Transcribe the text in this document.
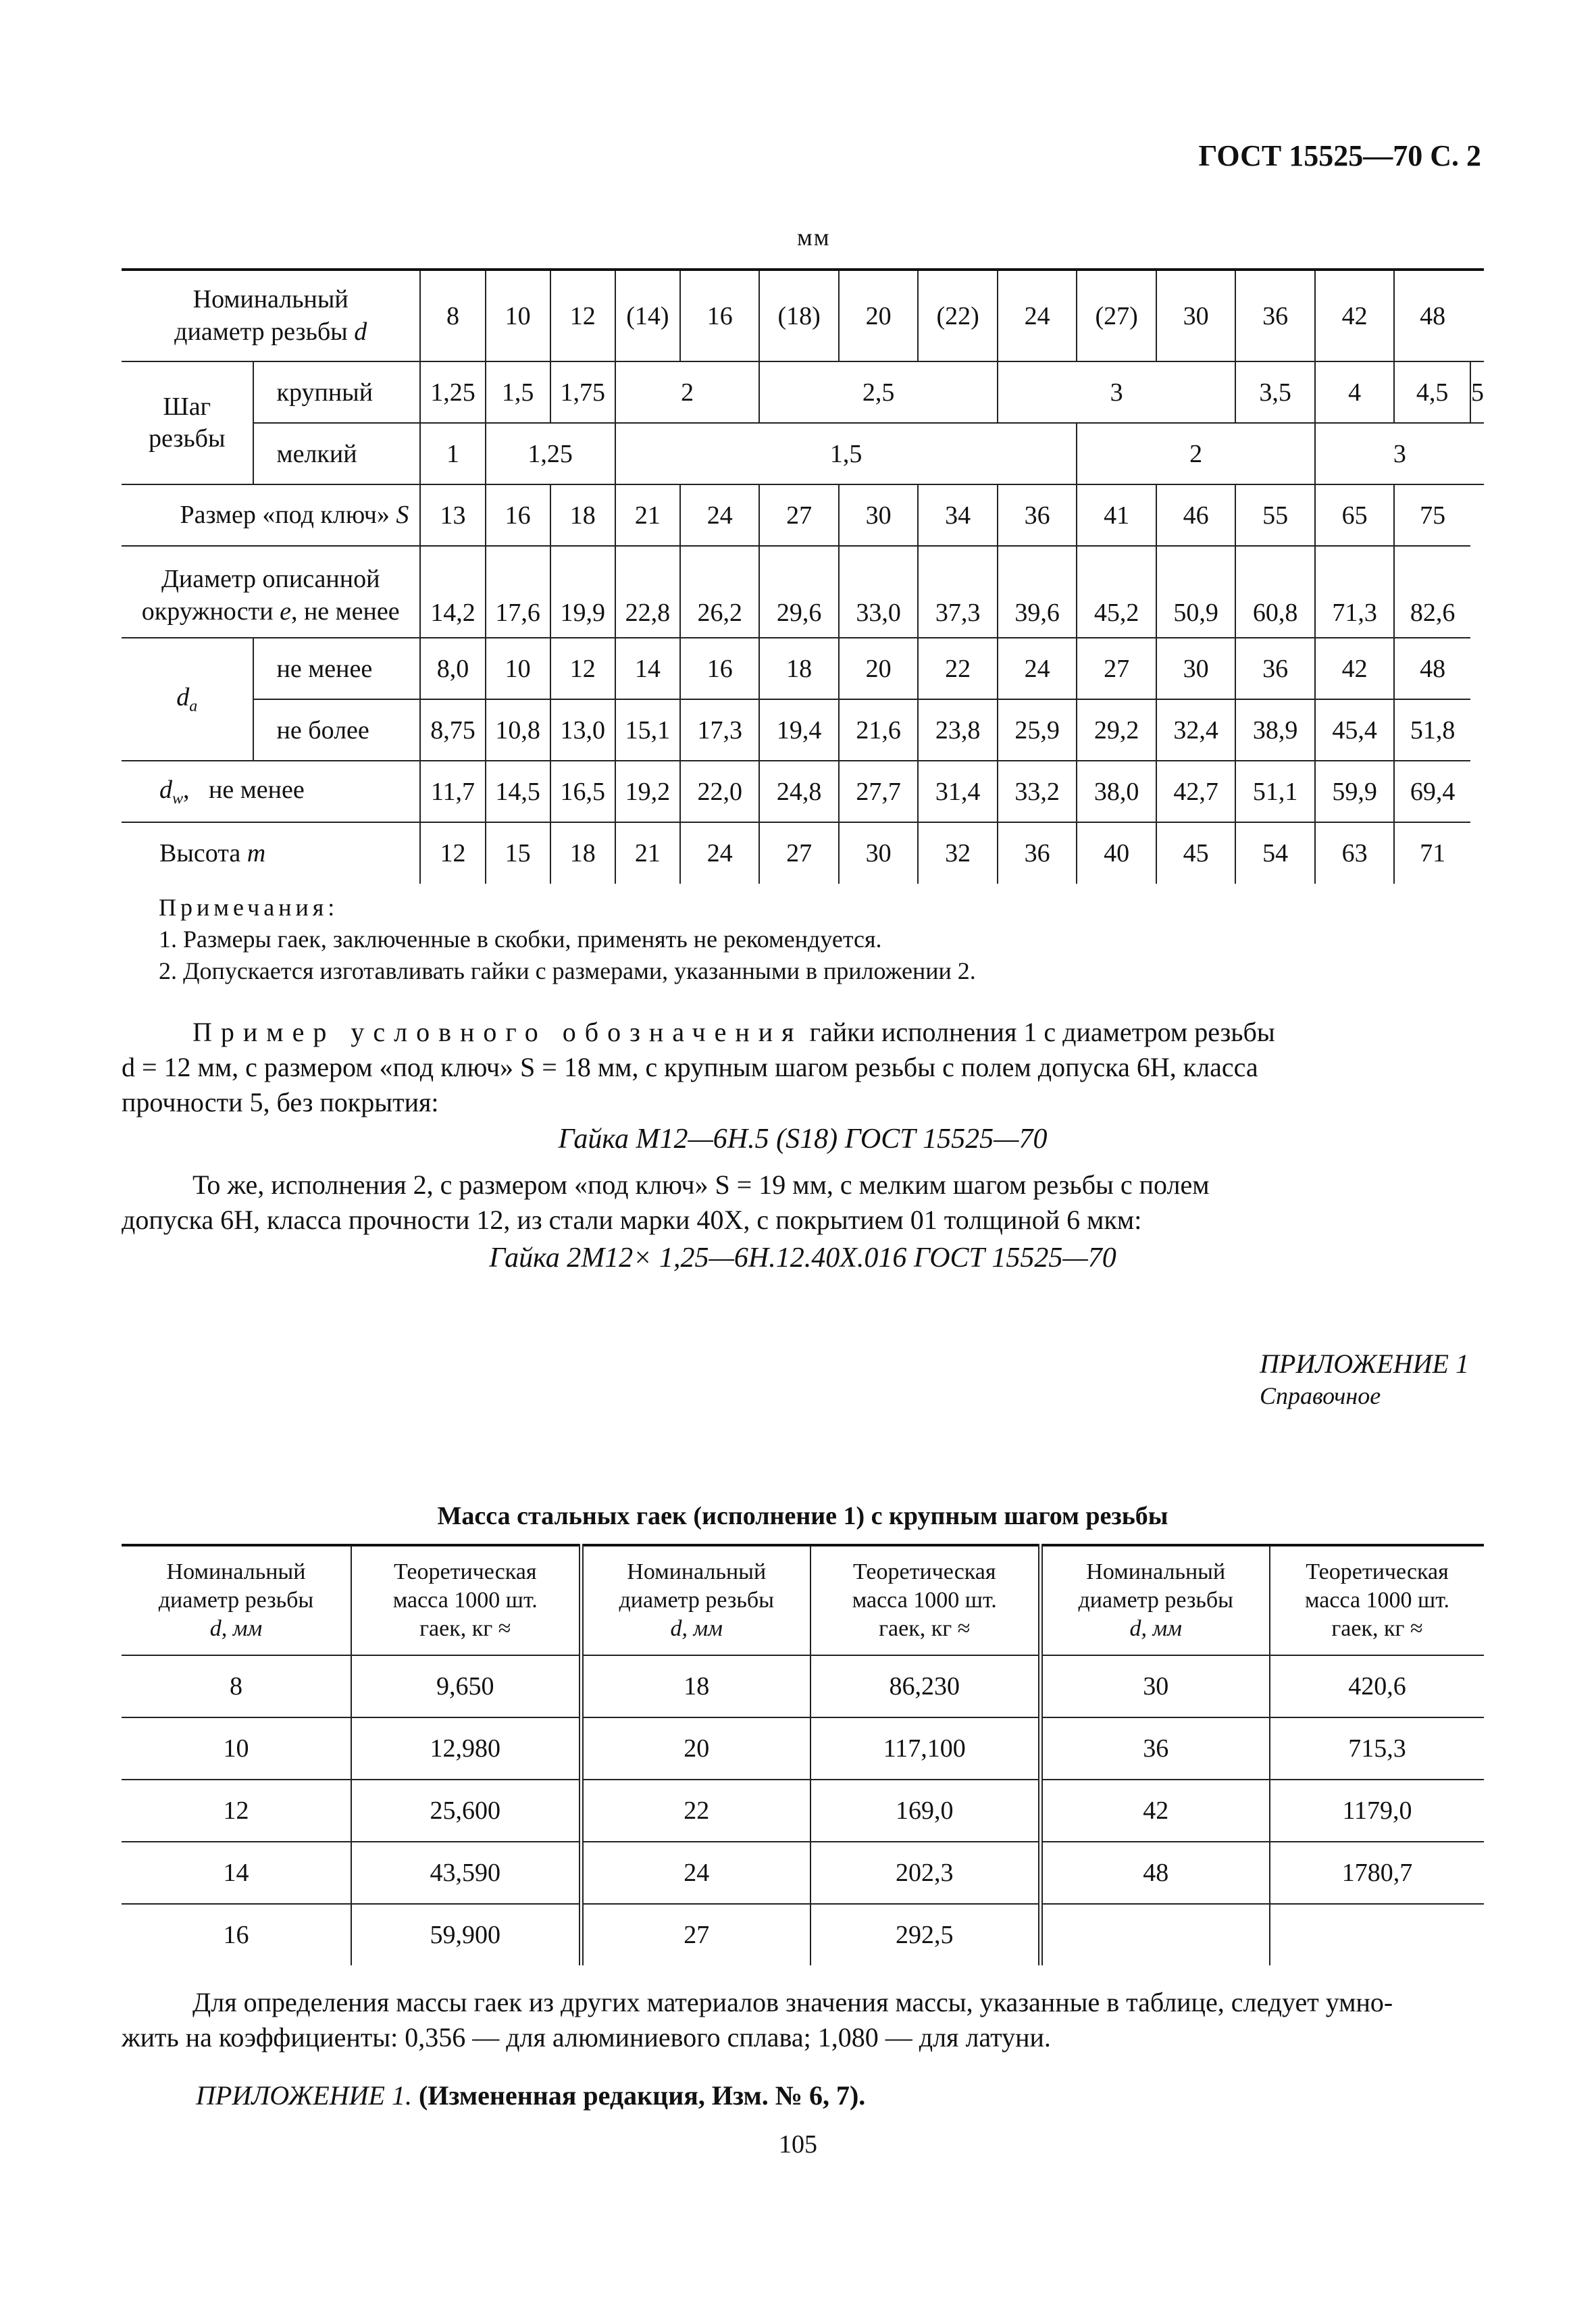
ГОСТ 15525—70 С. 2
мм
Номинальный
диаметр резьбы d		8	10	12	(14)	16	(18)	20	(22)	24	(27)	30	36	42	48	
Шаг
резьбы	крупный	1,25	1,5	1,75	2		2,5			3			3,5	4	4,5	5
	мелкий	1	1,25		1,5						2			3		
Размер «под ключ» S		13	16	18	21	24	27	30	34	36	41	46	55	65	75	
Диаметр описанной
окружности e, не менее		14,2	17,6	19,9	22,8	26,2	29,6	33,0	37,3	39,6	45,2	50,9	60,8	71,3	82,6	
$d_a$	не менее	8,0	10	12	14	16	18	20	22	24	27	30	36	42	48	
	не более	8,75	10,8	13,0	15,1	17,3	19,4	21,6	23,8	25,9	29,2	32,4	38,9	45,4	51,8	
$d_w$,   не менее		11,7	14,5	16,5	19,2	22,0	24,8	27,7	31,4	33,2	38,0	42,7	51,1	59,9	69,4	
Высота m		12	15	18	21	24	27	30	32	36	40	45	54	63	71	
Примечания:
1. Размеры гаек, заключенные в скобки, применять не рекомендуется.
2. Допускается изготавливать гайки с размерами, указанными в приложении 2.
Пример условного обозначения гайки исполнения 1 с диаметром резьбы
d = 12 мм, с размером «под ключ» S = 18 мм, с крупным шагом резьбы с полем допуска 6Н, класса
прочности 5, без покрытия:
Гайка М12—6Н.5 (S18) ГОСТ 15525—70
То же, исполнения 2, с размером «под ключ» S = 19 мм, с мелким шагом резьбы с полем
допуска 6Н, класса прочности 12, из стали марки 40Х, с покрытием 01 толщиной 6 мкм:
Гайка 2М12× 1,25—6Н.12.40Х.016 ГОСТ 15525—70
ПРИЛОЖЕНИЕ 1
Справочное
Масса стальных гаек (исполнение 1) с крупным шагом резьбы
Номинальный
диаметр резьбы
d, мм	Теоретическая
масса 1000 шт.
гаек, кг ≈	Номинальный
диаметр резьбы
d, мм	Теоретическая
масса 1000 шт.
гаек, кг ≈	Номинальный
диаметр резьбы
d, мм	Теоретическая
масса 1000 шт.
гаек, кг ≈
8	9,650	18	86,230	30	420,6
10	12,980	20	117,100	36	715,3
12	25,600	22	169,0	42	1179,0
14	43,590	24	202,3	48	1780,7
16	59,900	27	292,5		
Для определения массы гаек из других материалов значения массы, указанные в таблице, следует умно-
жить на коэффициенты: 0,356 — для алюминиевого сплава; 1,080 — для латуни.
ПРИЛОЖЕНИЕ 1. (Измененная редакция, Изм. № 6, 7).
105
